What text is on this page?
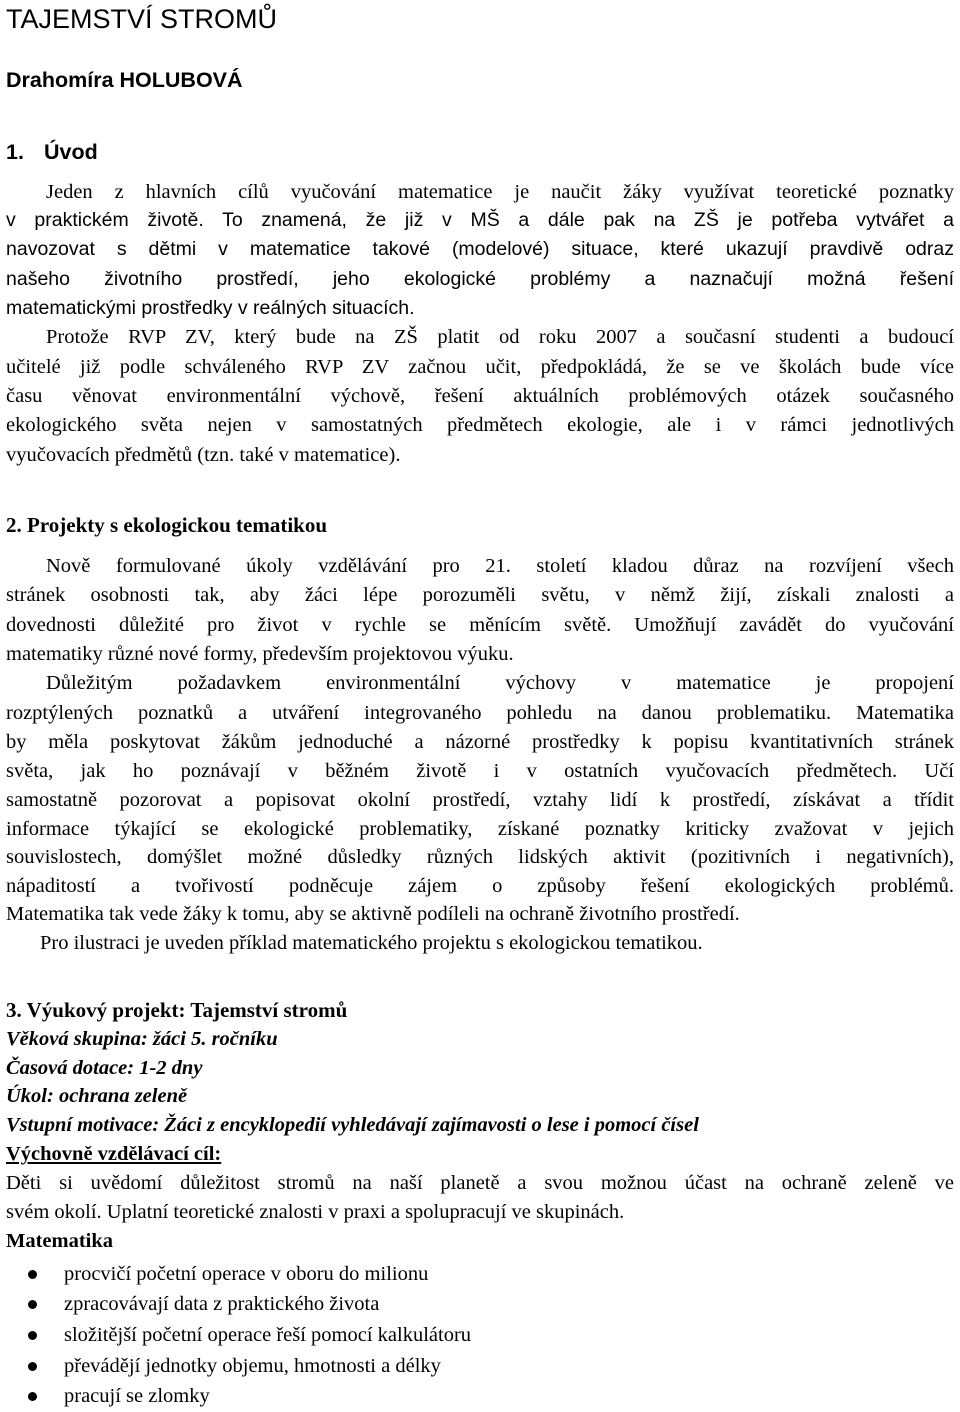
TAJEMSTVÍ STROMŮ
Drahomíra HOLUBOVÁ
1. Úvod
Jeden z hlavních cílů vyučování matematice je naučit žáky využívat teoretické poznatky
v praktickém životě. To znamená, že již v MŠ a dále pak na ZŠ je potřeba vytvářet a
navozovat s dětmi v matematice takové (modelové) situace, které ukazují pravdivě odraz
našeho životního prostředí, jeho ekologické problémy a naznačují možná řešení
matematickými prostředky v reálných situacích.
Protože RVP ZV, který bude na ZŠ platit od roku 2007 a současní studenti a budoucí
učitelé již podle schváleného RVP ZV začnou učit, předpokládá, že se ve školách bude více
času věnovat environmentální výchově, řešení aktuálních problémových otázek současného
ekologického světa nejen v samostatných předmětech ekologie, ale i v rámci jednotlivých
vyučovacích předmětů (tzn. také v matematice).
2. Projekty s ekologickou tematikou
Nově formulované úkoly vzdělávání pro 21. století kladou důraz na rozvíjení všech
stránek osobnosti tak, aby žáci lépe porozuměli světu, v němž žijí, získali znalosti a
dovednosti důležité pro život v rychle se měnícím světě. Umožňují zavádět do vyučování
matematiky různé nové formy, především projektovou výuku.
Důležitým požadavkem environmentální výchovy v matematice je propojení
rozptýlených poznatků a utváření integrovaného pohledu na danou problematiku. Matematika
by měla poskytovat žákům jednoduché a názorné prostředky k popisu kvantitativních stránek
světa, jak ho poznávají v běžném životě i v ostatních vyučovacích předmětech. Učí
samostatně pozorovat a popisovat okolní prostředí, vztahy lidí k prostředí, získávat a třídit
informace týkající se ekologické problematiky, získané poznatky kriticky zvažovat v jejich
souvislostech, domýšlet možné důsledky různých lidských aktivit (pozitivních i negativních),
nápaditostí a tvořivostí podněcuje zájem o způsoby řešení ekologických problémů.
Matematika tak vede žáky k tomu, aby se aktivně podíleli na ochraně životního prostředí.
Pro ilustraci je uveden příklad matematického projektu s ekologickou tematikou.
3. Výukový projekt: Tajemství stromů
Věková skupina: žáci 5. ročníku
Časová dotace: 1-2 dny
Úkol: ochrana zeleně
Vstupní motivace: Žáci z encyklopedií vyhledávají zajímavosti o lese i pomocí čísel
Výchovně vzdělávací cíl:
Děti si uvědomí důležitost stromů na naší planetě a svou možnou účast na ochraně zeleně ve
svém okolí. Uplatní teoretické znalosti v praxi a spolupracují ve skupinách.
Matematika
procvičí početní operace v oboru do milionu
zpracovávají data z praktického života
složitější početní operace řeší pomocí kalkulátoru
převádějí jednotky objemu, hmotnosti a délky
pracují se zlomky
